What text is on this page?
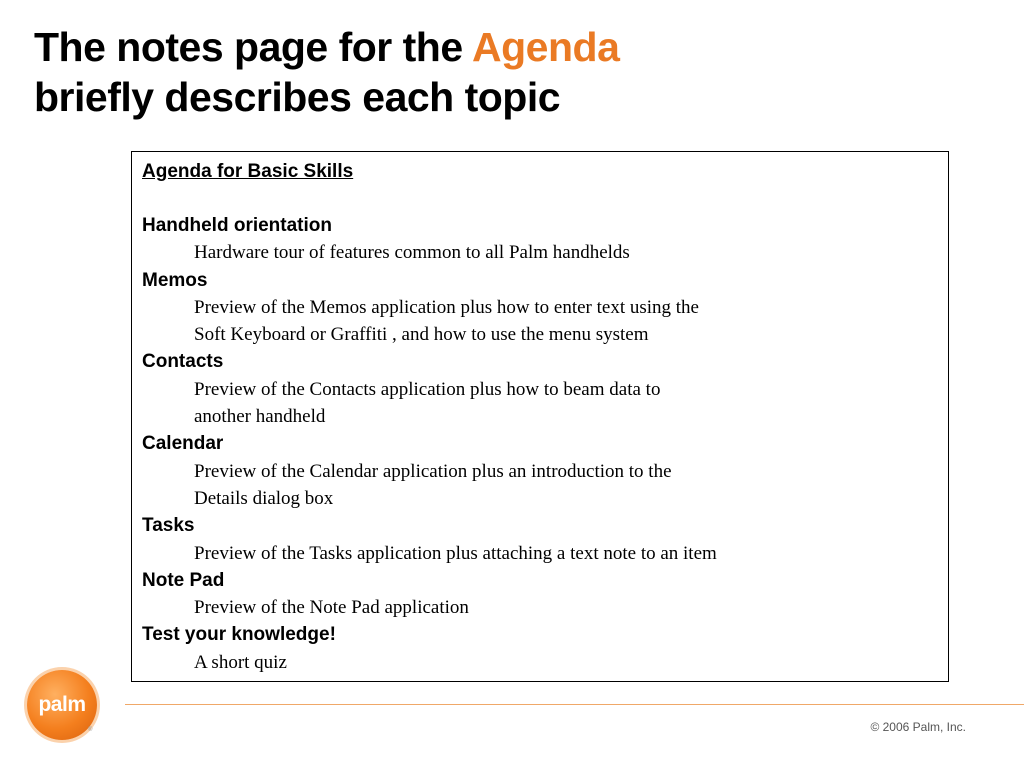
The notes page for the Agenda
briefly describes each topic

Agenda for Basic Skills

Handheld orientation

Hardware tour of features common to all Palm handhelds

Memos

Preview of the Memos application plus how to enter text using the

Soft Keyboard or Graffiti , and how to use the menu system

Contacts

Preview of the Contacts application plus how to beam data to

another handheld

Calendar

Preview of the Calendar application plus an introduction to the

Details dialog box

Tasks

Preview of the Tasks application plus attaching a text note to an item

Note Pad

Preview of the Note Pad application

Test your knowledge!

A short quiz

palm
®	© 2006 Palm, Inc.
